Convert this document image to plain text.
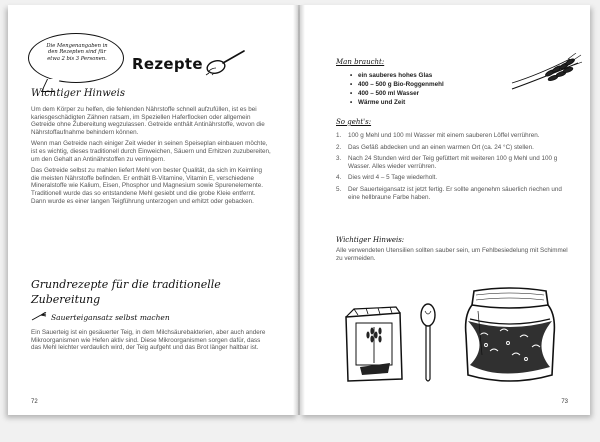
Die Mengenangaben in

den Rezepten sind für

etwa 2 bis 3 Personen.	Rezepte
Wichtiger Hinweis

Um dem Körper zu helfen, die fehlenden Nährstoffe schnell aufzufüllen, ist es bei kariesgeschädigten Zähnen ratsam, im Speziellen Haferflocken oder allgemein Getreide ohne Zubereitung wegzulassen. Getreide enthält Antinährstoffe, wovon die Nährstoffaufnahme behindern können.

Wenn man Getreide nach einiger Zeit wieder in seinen Speiseplan einbauen möchte, ist es wichtig, dieses traditionell durch Einweichen, Säuern und Erhitzen zuzubereiten, um den Gehalt an Antinährstoffen zu verringern.

Das Getreide selbst zu mahlen liefert Mehl von bester Qualität, da sich im Keimling die meisten Nährstoffe befinden. Er enthält B-Vitamine, Vitamin E, verschiedene Mineralstoffe wie Kalium, Eisen, Phosphor und Magnesium sowie Spurenelemente. Traditionell wurde das so entstandene Mehl gesiebt und die grobe Kleie entfernt. Dann wurde es einer langen Teigführung unterzogen und erhitzt oder gebacken.

Grundrezepte für die traditionelle Zubereitung
Sauerteigansatz selbst machen

Ein Sauerteig ist ein gesäuerter Teig, in dem Milchsäurebakterien, aber auch andere Mikroorganismen wie Hefen aktiv sind. Diese Mikroorganismen sorgen dafür, dass das Mehl leichter verdaulich wird, der Teig aufgeht und das Brot länger haltbar ist.

72
Man braucht:
• ein sauberes hohes Glas
• 400 – 500 g Bio-Roggenmehl
• 400 – 500 ml Wasser
• Wärme und Zeit
So geht's:
1.	100 g Mehl und 100 ml Wasser mit einem sauberen Löffel verrühren.
2.	Das Gefäß abdecken und an einen warmen Ort (ca. 24 °C) stellen.
3.	Nach 24 Stunden wird der Teig gefüttert mit weiteren 100 g Mehl und 100 g Wasser. Alles wieder verrühren.
4.	Dies wird 4 – 5 Tage wiederholt.
5.	Der Sauerteigansatz ist jetzt fertig. Er sollte angenehm säuerlich riechen und eine hellbraune Farbe haben.
Wichtiger Hinweis:

Alle verwendeten Utensilien sollten sauber sein, um Fehlbesiedelung mit Schimmel zu vermeiden.

73
